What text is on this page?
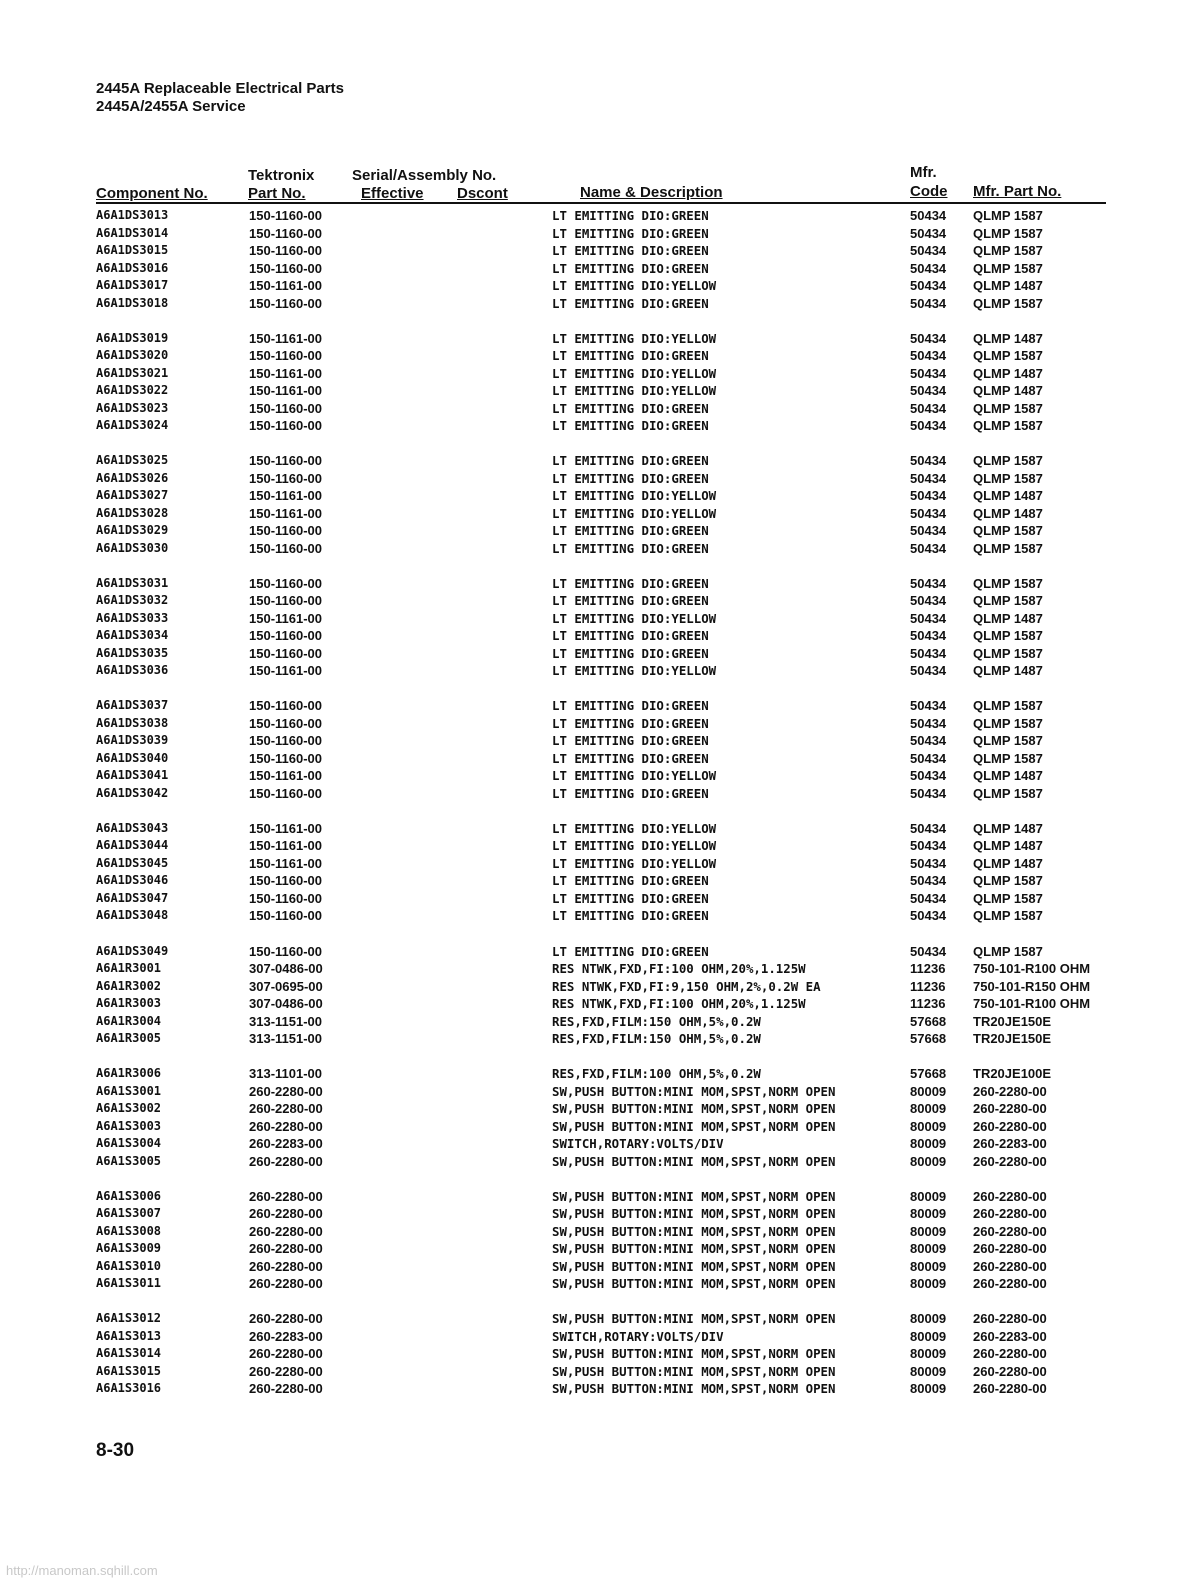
2445A Replaceable Electrical Parts
2445A/2455A Service
Tektronix	Serial/Assembly No.	Mfr.
Component No.	Part No.	Effective Dscont	Name & Description	Code Mfr. Part No.
A6A1DS3013	150-1160-00	LT EMITTING DIO:GREEN	50434 QLMP 1587
A6A1DS3014	150-1160-00	LT EMITTING DIO:GREEN	50434 QLMP 1587
A6A1DS3015	150-1160-00	LT EMITTING DIO:GREEN	50434 QLMP 1587
A6A1DS3016	150-1160-00	LT EMITTING DIO:GREEN	50434 QLMP 1587
A6A1DS3017	150-1161-00	LT EMITTING DIO:YELLOW	50434 QLMP 1487
A6A1DS3018	150-1160-00	LT EMITTING DIO:GREEN	50434 QLMP 1587
A6A1DS3019	150-1161-00	LT EMITTING DIO:YELLOW	50434 QLMP 1487
A6A1DS3020	150-1160-00	LT EMITTING DIO:GREEN	50434 QLMP 1587
A6A1DS3021	150-1161-00	LT EMITTING DIO:YELLOW	50434 QLMP 1487
A6A1DS3022	150-1161-00	LT EMITTING DIO:YELLOW	50434 QLMP 1487
A6A1DS3023	150-1160-00	LT EMITTING DIO:GREEN	50434 QLMP 1587
A6A1DS3024	150-1160-00	LT EMITTING DIO:GREEN	50434 QLMP 1587
A6A1DS3025	150-1160-00	LT EMITTING DIO:GREEN	50434 QLMP 1587
A6A1DS3026	150-1160-00	LT EMITTING DIO:GREEN	50434 QLMP 1587
A6A1DS3027	150-1161-00	LT EMITTING DIO:YELLOW	50434 QLMP 1487
A6A1DS3028	150-1161-00	LT EMITTING DIO:YELLOW	50434 QLMP 1487
A6A1DS3029	150-1160-00	LT EMITTING DIO:GREEN	50434 QLMP 1587
A6A1DS3030	150-1160-00	LT EMITTING DIO:GREEN	50434 QLMP 1587
A6A1DS3031	150-1160-00	LT EMITTING DIO:GREEN	50434 QLMP 1587
A6A1DS3032	150-1160-00	LT EMITTING DIO:GREEN	50434 QLMP 1587
A6A1DS3033	150-1161-00	LT EMITTING DIO:YELLOW	50434 QLMP 1487
A6A1DS3034	150-1160-00	LT EMITTING DIO:GREEN	50434 QLMP 1587
A6A1DS3035	150-1160-00	LT EMITTING DIO:GREEN	50434 QLMP 1587
A6A1DS3036	150-1161-00	LT EMITTING DIO:YELLOW	50434 QLMP 1487
A6A1DS3037	150-1160-00	LT EMITTING DIO:GREEN	50434 QLMP 1587
A6A1DS3038	150-1160-00	LT EMITTING DIO:GREEN	50434 QLMP 1587
A6A1DS3039	150-1160-00	LT EMITTING DIO:GREEN	50434 QLMP 1587
A6A1DS3040	150-1160-00	LT EMITTING DIO:GREEN	50434 QLMP 1587
A6A1DS3041	150-1161-00	LT EMITTING DIO:YELLOW	50434 QLMP 1487
A6A1DS3042	150-1160-00	LT EMITTING DIO:GREEN	50434 QLMP 1587
A6A1DS3043	150-1161-00	LT EMITTING DIO:YELLOW	50434 QLMP 1487
A6A1DS3044	150-1161-00	LT EMITTING DIO:YELLOW	50434 QLMP 1487
A6A1DS3045	150-1161-00	LT EMITTING DIO:YELLOW	50434 QLMP 1487
A6A1DS3046	150-1160-00	LT EMITTING DIO:GREEN	50434 QLMP 1587
A6A1DS3047	150-1160-00	LT EMITTING DIO:GREEN	50434 QLMP 1587
A6A1DS3048	150-1160-00	LT EMITTING DIO:GREEN	50434 QLMP 1587
A6A1DS3049	150-1160-00	LT EMITTING DIO:GREEN	50434 QLMP 1587
A6A1R3001	307-0486-00	RES NTWK,FXD,FI:100 OHM,20%,1.125W	11236 750-101-R100 OHM
A6A1R3002	307-0695-00	RES NTWK,FXD,FI:9,150 OHM,2%,0.2W EA	11236 750-101-R150 OHM
A6A1R3003	307-0486-00	RES NTWK,FXD,FI:100 OHM,20%,1.125W	11236 750-101-R100 OHM
A6A1R3004	313-1151-00	RES,FXD,FILM:150 OHM,5%,0.2W	57668 TR20JE150E
A6A1R3005	313-1151-00	RES,FXD,FILM:150 OHM,5%,0.2W	57668 TR20JE150E
A6A1R3006	313-1101-00	RES,FXD,FILM:100 OHM,5%,0.2W	57668 TR20JE100E
A6A1S3001	260-2280-00	SW,PUSH BUTTON:MINI MOM,SPST,NORM OPEN	80009 260-2280-00
A6A1S3002	260-2280-00	SW,PUSH BUTTON:MINI MOM,SPST,NORM OPEN	80009 260-2280-00
A6A1S3003	260-2280-00	SW,PUSH BUTTON:MINI MOM,SPST,NORM OPEN	80009 260-2280-00
A6A1S3004	260-2283-00	SWITCH,ROTARY:VOLTS/DIV	80009 260-2283-00
A6A1S3005	260-2280-00	SW,PUSH BUTTON:MINI MOM,SPST,NORM OPEN	80009 260-2280-00
A6A1S3006	260-2280-00	SW,PUSH BUTTON:MINI MOM,SPST,NORM OPEN	80009 260-2280-00
A6A1S3007	260-2280-00	SW,PUSH BUTTON:MINI MOM,SPST,NORM OPEN	80009 260-2280-00
A6A1S3008	260-2280-00	SW,PUSH BUTTON:MINI MOM,SPST,NORM OPEN	80009 260-2280-00
A6A1S3009	260-2280-00	SW,PUSH BUTTON:MINI MOM,SPST,NORM OPEN	80009 260-2280-00
A6A1S3010	260-2280-00	SW,PUSH BUTTON:MINI MOM,SPST,NORM OPEN	80009 260-2280-00
A6A1S3011	260-2280-00	SW,PUSH BUTTON:MINI MOM,SPST,NORM OPEN	80009 260-2280-00
A6A1S3012	260-2280-00	SW,PUSH BUTTON:MINI MOM,SPST,NORM OPEN	80009 260-2280-00
A6A1S3013	260-2283-00	SWITCH,ROTARY:VOLTS/DIV	80009 260-2283-00
A6A1S3014	260-2280-00	SW,PUSH BUTTON:MINI MOM,SPST,NORM OPEN	80009 260-2280-00
A6A1S3015	260-2280-00	SW,PUSH BUTTON:MINI MOM,SPST,NORM OPEN	80009 260-2280-00
A6A1S3016	260-2280-00	SW,PUSH BUTTON:MINI MOM,SPST,NORM OPEN	80009 260-2280-00
8-30
http://manoman.sqhill.com
